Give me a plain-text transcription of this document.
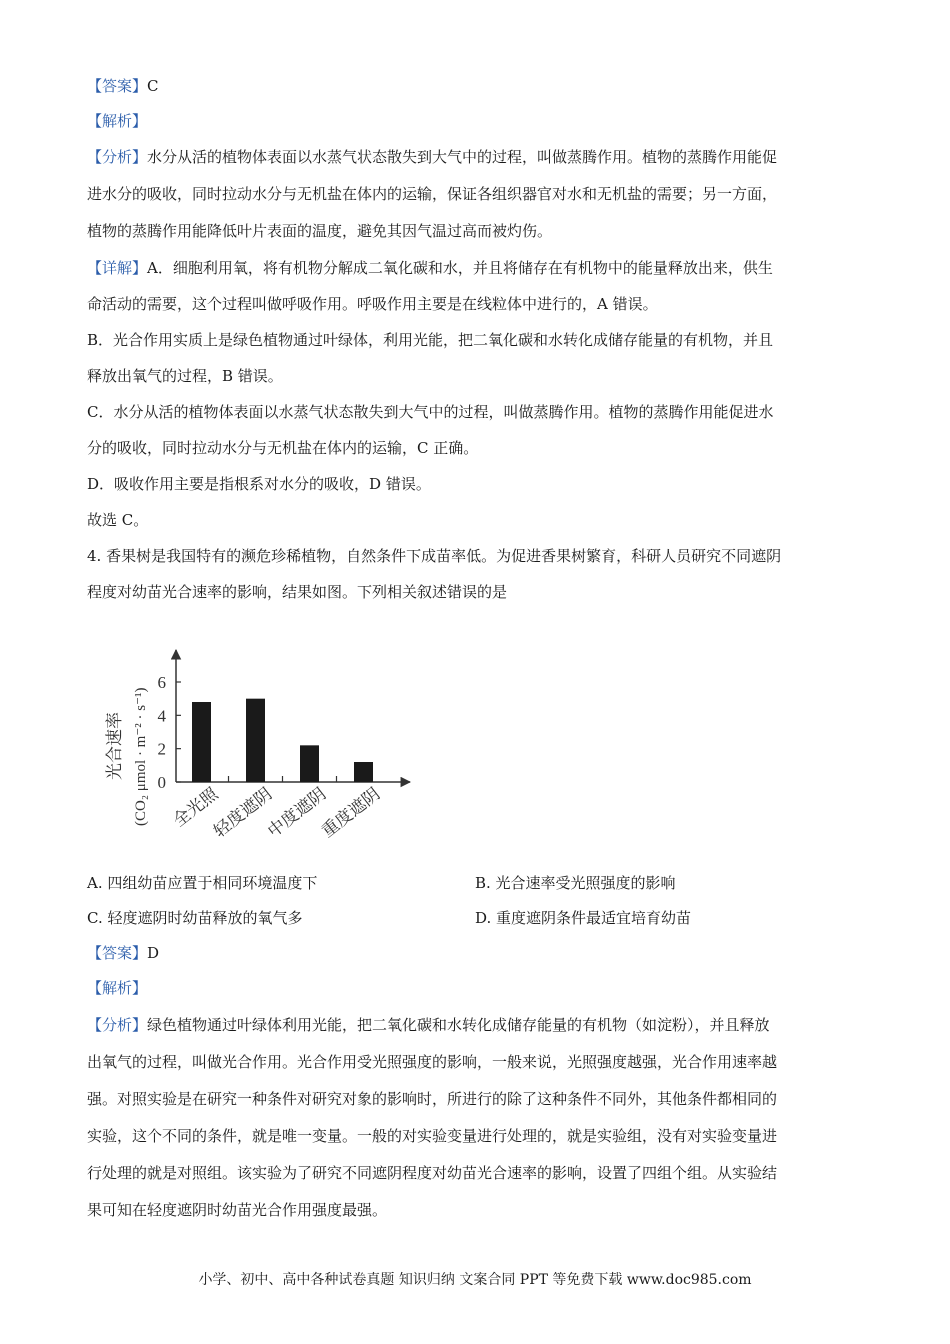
【答案】C
【解析】
【分析】水分从活的植物体表面以水蒸气状态散失到大气中的过程，叫做蒸腾作用。植物的蒸腾作用能促
进水分的吸收，同时拉动水分与无机盐在体内的运输，保证各组织器官对水和无机盐的需要；另一方面，
植物的蒸腾作用能降低叶片表面的温度，避免其因气温过高而被灼伤。
【详解】A．细胞利用氧，将有机物分解成二氧化碳和水，并且将储存在有机物中的能量释放出来，供生
命活动的需要，这个过程叫做呼吸作用。呼吸作用主要是在线粒体中进行的，A 错误。
B．光合作用实质上是绿色植物通过叶绿体，利用光能，把二氧化碳和水转化成储存能量的有机物，并且
释放出氧气的过程，B 错误。
C．水分从活的植物体表面以水蒸气状态散失到大气中的过程，叫做蒸腾作用。植物的蒸腾作用能促进水
分的吸收，同时拉动水分与无机盐在体内的运输，C 正确。
D．吸收作用主要是指根系对水分的吸收，D 错误。
故选 C。
4. 香果树是我国特有的濒危珍稀植物，自然条件下成苗率低。为促进香果树繁育，科研人员研究不同遮阴
程度对幼苗光合速率的影响，结果如图。下列相关叙述错误的是
光合速率 (CO₂ μmol · m⁻² · s⁻¹) 0
2
4
6
全光照
轻度遮阴
中度遮阴
重度遮阴
A. 四组幼苗应置于相同环境温度下	B. 光合速率受光照强度的影响
C. 轻度遮阴时幼苗释放的氧气多	D. 重度遮阴条件最适宜培育幼苗
【答案】D
【解析】
【分析】绿色植物通过叶绿体利用光能，把二氧化碳和水转化成储存能量的有机物（如淀粉），并且释放
出氧气的过程，叫做光合作用。光合作用受光照强度的影响，一般来说，光照强度越强，光合作用速率越
强。对照实验是在研究一种条件对研究对象的影响时，所进行的除了这种条件不同外，其他条件都相同的
实验，这个不同的条件，就是唯一变量。一般的对实验变量进行处理的，就是实验组，没有对实验变量进
行处理的就是对照组。该实验为了研究不同遮阴程度对幼苗光合速率的影响，设置了四组个组。从实验结
果可知在轻度遮阴时幼苗光合作用强度最强。
小学、初中、高中各种试卷真题 知识归纳 文案合同 PPT 等免费下载 www.doc985.com
